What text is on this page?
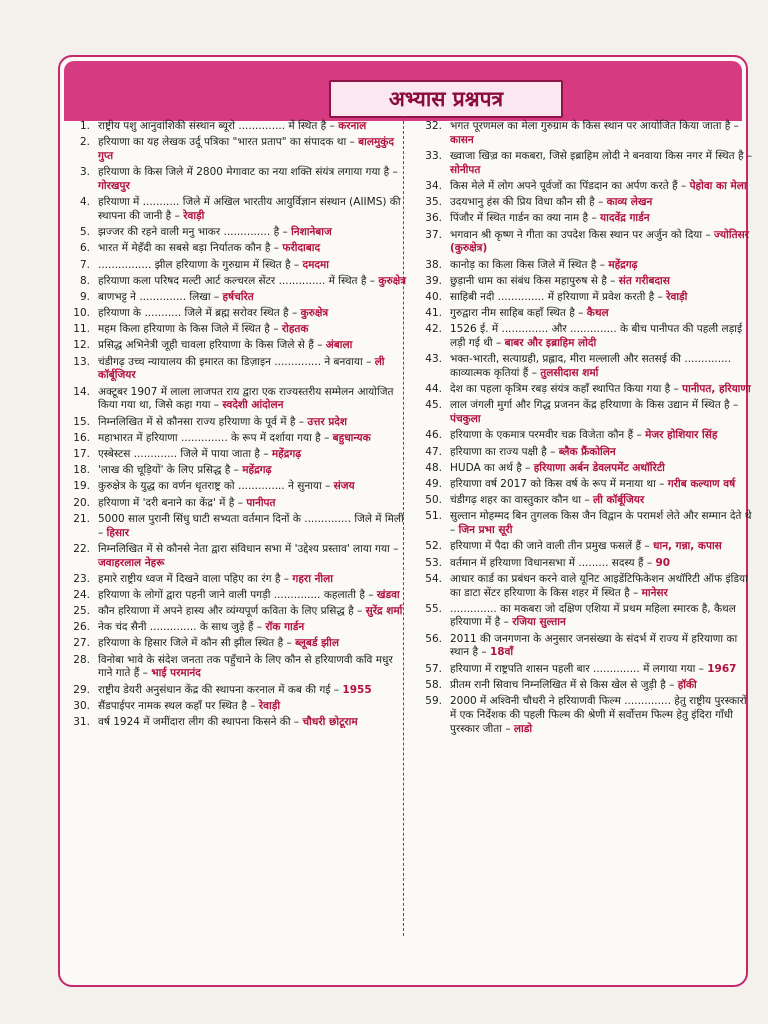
अभ्यास प्रश्नपत्र
1. राष्ट्रीय पशु आनुवांशिकी संस्थान ब्यूरो .............. में स्थित है – करनाल
2. हरियाणा का यह लेखक उर्दू पत्रिका "भारत प्रताप" का संपादक था – बालमुकुंद गुप्त
3. हरियाणा के किस जिले में 2800 मेगावाट का नया शक्ति संयंत्र लगाया गया है – गोरखपुर
4. हरियाणा में ........... जिले में अखिल भारतीय आयुर्विज्ञान संस्थान (AIIMS) की स्थापना की जानी है – रेवाड़ी
5. झज्जर की रहने वाली मनु भाकर .............. है – निशानेबाज
6. भारत में मेहँदी का सबसे बड़ा निर्यातक कौन है – फरीदाबाद
7. ................ झील हरियाणा के गुरुग्राम में स्थित है – दमदमा
8. हरियाणा कला परिषद मल्टी आर्ट कल्चरल सेंटर .............. में स्थित है – कुरुक्षेत्र
9. बाणभट्ट ने .............. लिखा – हर्षचरित
10. हरियाणा के ........... जिले में ब्रह्म सरोवर स्थित है – कुरुक्षेत्र
11. महम किला हरियाणा के किस जिले में स्थित है – रोहतक
12. प्रसिद्ध अभिनेत्री जूही चावला हरियाणा के किस जिले से हैं – अंबाला
13. चंडीगढ़ उच्च न्यायालय की इमारत का डिज़ाइन .............. ने बनवाया – ली कॉर्बूजियर
14. अक्टूबर 1907 में लाला लाजपत राय द्वारा एक राज्यस्तरीय सम्मेलन आयोजित किया गया था, जिसे कहा गया – स्वदेशी आंदोलन
15. निम्नलिखित में से कौनसा राज्य हरियाणा के पूर्व में है – उत्तर प्रदेश
16. महाभारत में हरियाणा .............. के रूप में दर्शाया गया है – बहुधान्यक
17. एस्बेस्टस ............. जिले में पाया जाता है – महेंद्रगढ़
18. 'लाख की चूड़ियों' के लिए प्रसिद्ध है – महेंद्रगढ़
19. कुरुक्षेत्र के युद्ध का वर्णन धृतराष्ट्र को .............. ने सुनाया – संजय
20. हरियाणा में 'दरी बनाने का केंद्र' में है – पानीपत
21. 5000 साल पुरानी सिंधु घाटी सभ्यता वर्तमान दिनों के .............. जिले में मिली – हिसार
22. निम्नलिखित में से कौनसे नेता द्वारा संविधान सभा में 'उद्देश्य प्रस्ताव' लाया गया – जवाहरलाल नेहरू
23. हमारे राष्ट्रीय ध्वज में दिखने वाला पहिए का रंग है – गहरा नीला
24. हरियाणा के लोगों द्वारा पहनी जाने वाली पगड़ी .............. कहलाती है – खंडवा
25. कौन हरियाणा में अपने हास्य और व्यंग्यपूर्ण कविता के लिए प्रसिद्ध है – सुरेंद्र शर्मा
26. नेक चंद सैनी .............. के साथ जुड़े हैं – रॉक गार्डन
27. हरियाणा के हिसार जिले में कौन सी झील स्थित है – ब्लूबर्ड झील
28. विनोबा भावे के संदेश जनता तक पहुँचाने के लिए कौन से हरियाणवी कवि मधुर गाने गाते हैं – भाई परमानंद
29. राष्ट्रीय डेयरी अनुसंधान केंद्र की स्थापना करनाल में कब की गई – 1955
30. सैंडपाईपर नामक स्थल कहाँ पर स्थित है – रेवाड़ी
31. वर्ष 1924 में जमींदारा लीग की स्थापना किसने की – चौधरी छोटूराम
32. भगत पूरणमल का मेला गुरुग्राम के किस स्थान पर आयोजित किया जाता है – कासन
33. ख्वाजा खिज़्र का मकबरा, जिसे इब्राहिम लोदी ने बनवाया किस नगर में स्थित है – सोनीपत
34. किस मेले में लोग अपने पूर्वजों का पिंडदान का अर्पण करते हैं – पेहोवा का मेला
35. उदयभानु हंस की प्रिय विधा कौन सी है – काव्य लेखन
36. पिंजौर में स्थित गार्डन का क्या नाम है – यादवेंद्र गार्डन
37. भगवान श्री कृष्ण ने गीता का उपदेश किस स्थान पर अर्जुन को दिया – ज्योतिसर (कुरुक्षेत्र)
38. कानोड़ का किला किस जिले में स्थित है – महेंद्रगढ़
39. छुड़ानी धाम का संबंध किस महापुरुष से है – संत गरीबदास
40. साहिबी नदी .............. में हरियाणा में प्रवेश करती है – रेवाड़ी
41. गुरुद्वारा नीम साहिब कहाँ स्थित है – कैथल
42. 1526 ई. में .............. और .............. के बीच पानीपत की पहली लड़ाई लड़ी गई थी – बाबर और इब्राहिम लोदी
43. भक्त-भारती, सत्याग्रही, प्रह्लाद, मीरा मल्लाली और सतसई की .............. काव्यात्मक कृतियां हैं – तुलसीदास शर्मा
44. देश का पहला कृत्रिम रबड़ संयंत्र कहाँ स्थापित किया गया है – पानीपत, हरियाणा
45. लाल जंगली मुर्गा और गिद्ध प्रजनन केंद्र हरियाणा के किस उद्यान में स्थित है – पंचकुला
46. हरियाणा के एकमात्र परमवीर चक्र विजेता कौन हैं – मेजर होशियार सिंह
47. हरियाणा का राज्य पक्षी है – ब्लैक फ्रैंकोलिन
48. HUDA का अर्थ है – हरियाणा अर्बन डेवलपमेंट अथॉरिटी
49. हरियाणा वर्ष 2017 को किस वर्ष के रूप में मनाया था – गरीब कल्याण वर्ष
50. चंडीगढ़ शहर का वास्तुकार कौन था – ली कॉर्बूजियर
51. सुल्तान मोहम्मद बिन तुगलक किस जैन विद्वान के परामर्श लेते और सम्मान देते थे – जिन प्रभा सूरी
52. हरियाणा में पैदा की जाने वाली तीन प्रमुख फसलें हैं – धान, गन्ना, कपास
53. वर्तमान में हरियाणा विधानसभा में ......... सदस्य हैं – 90
54. आधार कार्ड का प्रबंधन करने वाले यूनिट आइडेंटिफिकेशन अथॉरिटी ऑफ इंडिया का डाटा सेंटर हरियाणा के किस शहर में स्थित है – मानेसर
55. .............. का मकबरा जो दक्षिण एशिया में प्रथम महिला स्मारक है, कैथल हरियाणा में है – रजिया सुल्तान
56. 2011 की जनगणना के अनुसार जनसंख्या के संदर्भ में राज्य में हरियाणा का स्थान है – 18वाँ
57. हरियाणा में राष्ट्रपति शासन पहली बार .............. में लगाया गया – 1967
58. प्रीतम रानी सिवाच निम्नलिखित में से किस खेल से जुड़ी है – हॉकी
59. 2000 में अश्विनी चौधरी ने हरियाणवी फिल्म .............. हेतु राष्ट्रीय पुरस्कारों में एक निर्देशक की पहली फिल्म की श्रेणी में सर्वोत्तम फिल्म हेतु इंदिरा गाँधी पुरस्कार जीता – लाडो
